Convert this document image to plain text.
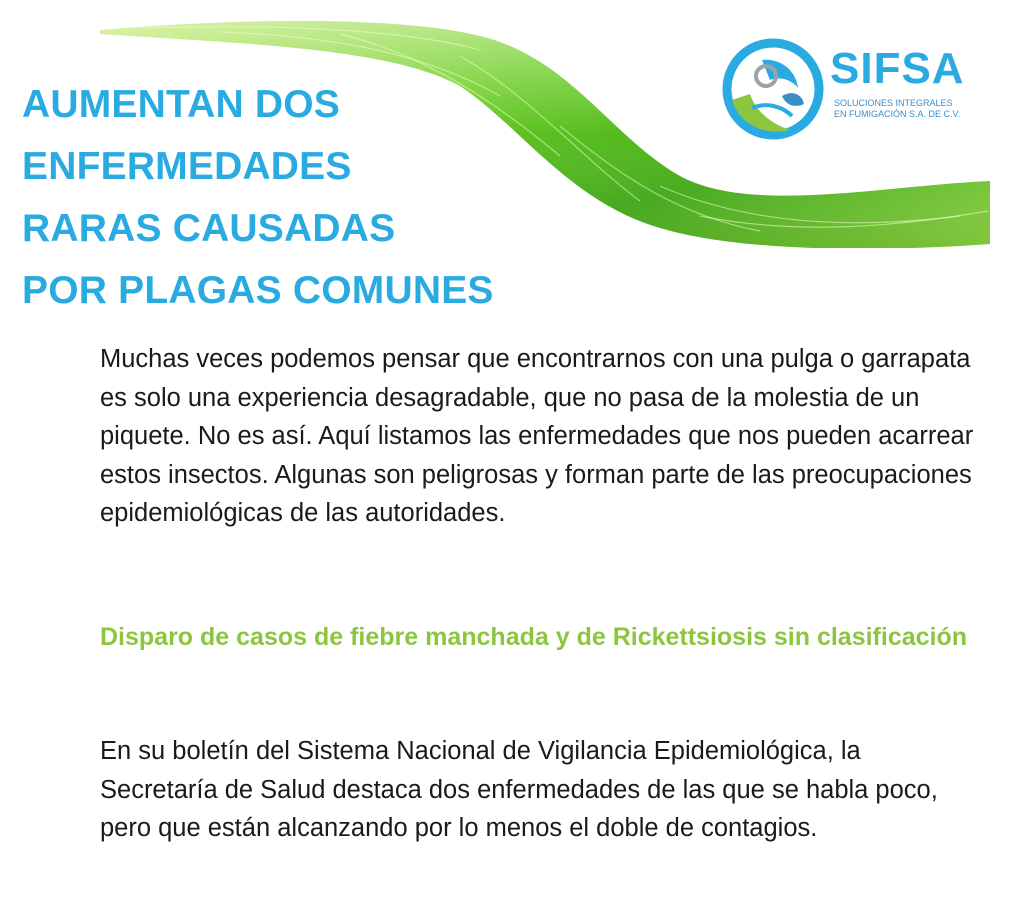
SIFSA
SOLUCIONES INTEGRALES
EN FUMIGACIÓN S.A. DE C.V.
AUMENTAN DOS
ENFERMEDADES
RARAS CAUSADAS
POR PLAGAS COMUNES

Muchas veces podemos pensar que encontrarnos con una pulga o garrapata es solo una experiencia desagradable, que no pasa de la molestia de un piquete. No es así. Aquí listamos las enfermedades que nos pueden acarrear estos insectos. Algunas son peligrosas y forman parte de las preocupaciones epidemiológicas de las autoridades.

Disparo de casos de fiebre manchada y de Rickettsiosis sin clasificación

En su boletín del Sistema Nacional de Vigilancia Epidemiológica, la Secretaría de Salud destaca dos enfermedades de las que se habla poco, pero que están alcanzando por lo menos el doble de contagios.
